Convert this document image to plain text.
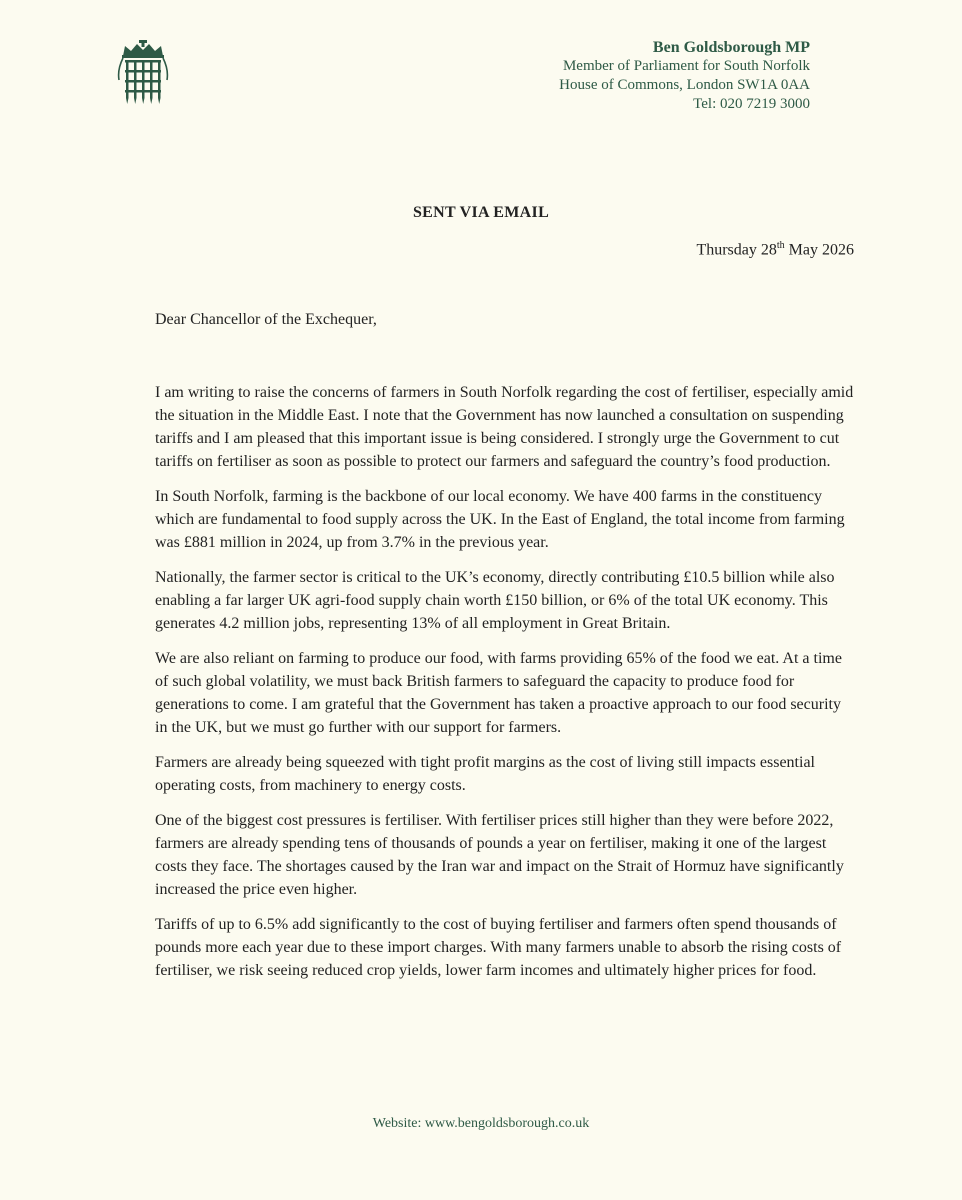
Ben Goldsborough MP
Member of Parliament for South Norfolk
House of Commons, London SW1A 0AA
Tel: 020 7219 3000
SENT VIA EMAIL
Thursday 28th May 2026
Dear Chancellor of the Exchequer,

I am writing to raise the concerns of farmers in South Norfolk regarding the cost of fertiliser, especially amid the situation in the Middle East. I note that the Government has now launched a consultation on suspending tariffs and I am pleased that this important issue is being considered. I strongly urge the Government to cut tariffs on fertiliser as soon as possible to protect our farmers and safeguard the country’s food production.

In South Norfolk, farming is the backbone of our local economy. We have 400 farms in the constituency which are fundamental to food supply across the UK. In the East of England, the total income from farming was £881 million in 2024, up from 3.7% in the previous year.

Nationally, the farmer sector is critical to the UK’s economy, directly contributing £10.5 billion while also enabling a far larger UK agri-food supply chain worth £150 billion, or 6% of the total UK economy. This generates 4.2 million jobs, representing 13% of all employment in Great Britain.

We are also reliant on farming to produce our food, with farms providing 65% of the food we eat. At a time of such global volatility, we must back British farmers to safeguard the capacity to produce food for generations to come. I am grateful that the Government has taken a proactive approach to our food security in the UK, but we must go further with our support for farmers.

Farmers are already being squeezed with tight profit margins as the cost of living still impacts essential operating costs, from machinery to energy costs.

One of the biggest cost pressures is fertiliser. With fertiliser prices still higher than they were before 2022, farmers are already spending tens of thousands of pounds a year on fertiliser, making it one of the largest costs they face. The shortages caused by the Iran war and impact on the Strait of Hormuz have significantly increased the price even higher.

Tariffs of up to 6.5% add significantly to the cost of buying fertiliser and farmers often spend thousands of pounds more each year due to these import charges. With many farmers unable to absorb the rising costs of fertiliser, we risk seeing reduced crop yields, lower farm incomes and ultimately higher prices for food.

Website: www.bengoldsborough.co.uk
